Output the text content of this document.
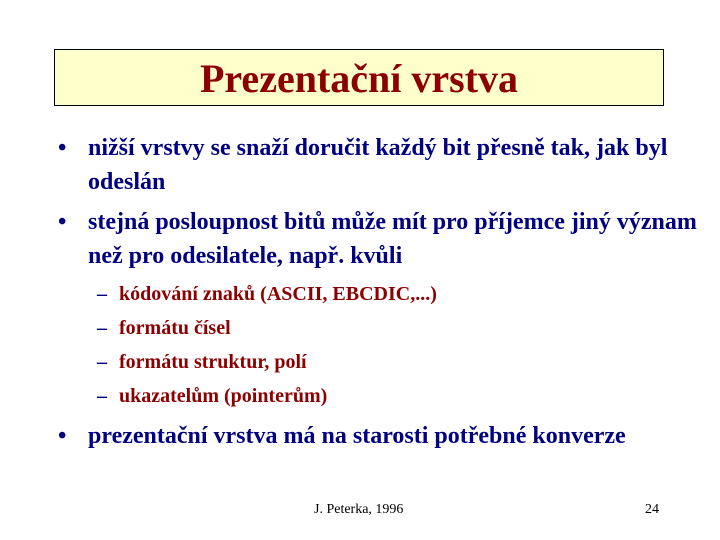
Prezentační vrstva
• nižší vrstvy se snaží doručit každý bit přesně tak, jak byl odeslán
• stejná posloupnost bitů může mít pro příjemce jiný význam než pro odesilatele, např. kvůli
– kódování znaků (ASCII, EBCDIC,...)
– formátu čísel
– formátu struktur, polí
– ukazatelům (pointerům)
• prezentační vrstva má na starosti potřebné konverze
J. Peterka, 1996	24
